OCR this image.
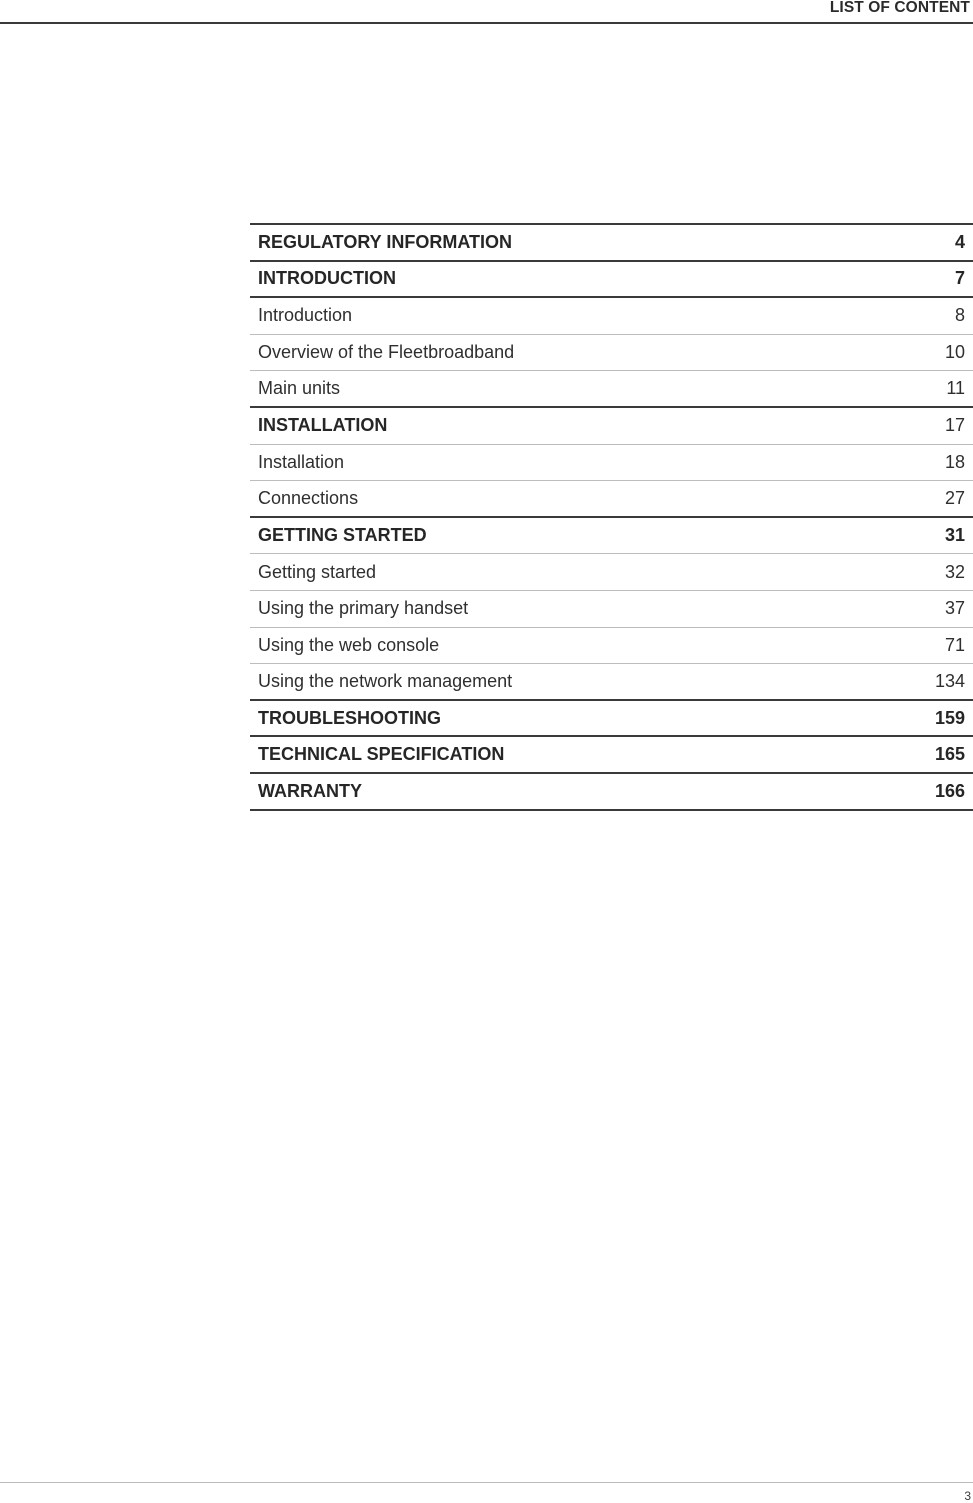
LIST OF CONTENT
REGULATORY INFORMATION	4
INTRODUCTION	7
Introduction	8
Overview of the Fleetbroadband	10
Main units	11
INSTALLATION	17
Installation	18
Connections	27
GETTING STARTED	31
Getting started	32
Using the primary handset	37
Using the web console	71
Using the network management	134
TROUBLESHOOTING	159
TECHNICAL SPECIFICATION	165
WARRANTY	166
3
